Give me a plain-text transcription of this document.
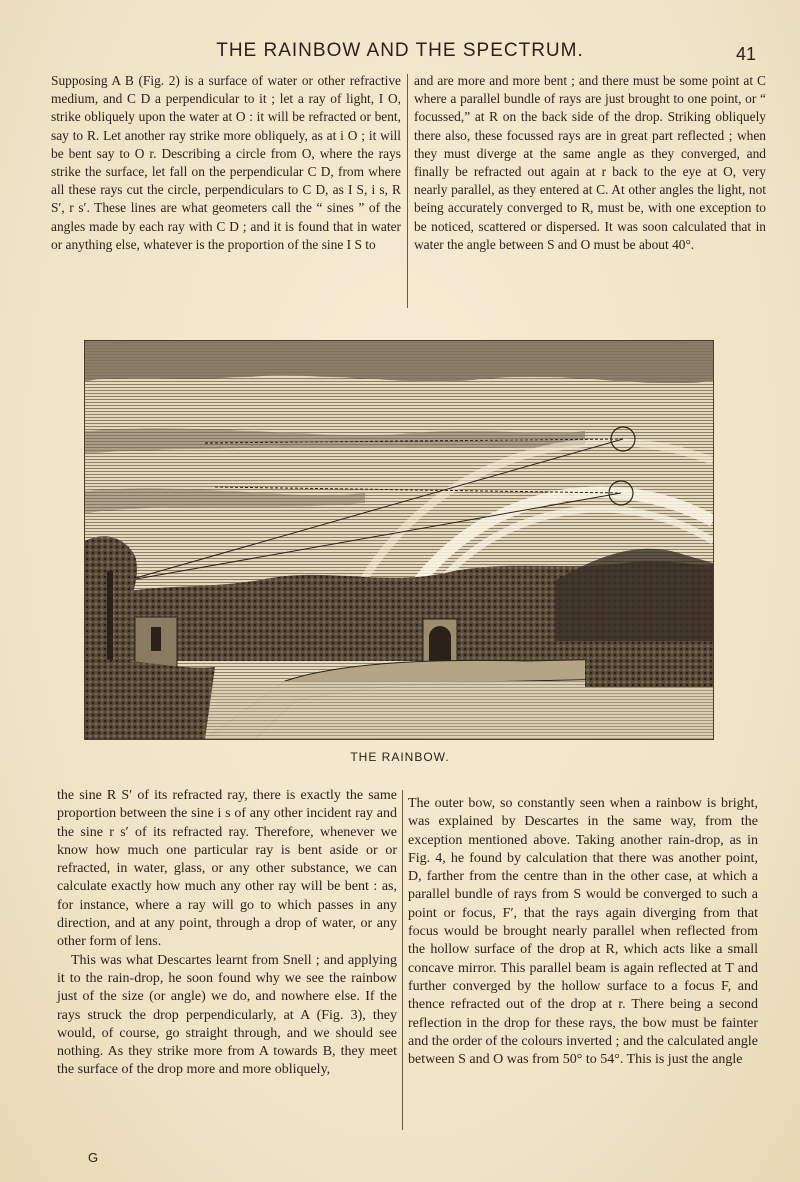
THE RAINBOW AND THE SPECTRUM.	41

Supposing A B (Fig. 2) is a surface of water or other refractive medium, and C D a perpendicular to it ; let a ray of light, I O, strike obliquely upon the water at O : it will be refracted or bent, say to R. Let another ray strike more obliquely, as at i O ; it will be bent say to O r. Describing a circle from O, where the rays strike the surface, let fall on the perpendicular C D, from where all these rays cut the circle, perpendiculars to C D, as I S, i s, R S′, r s′. These lines are what geometers call the “ sines ” of the angles made by each ray with C D ; and it is found that in water or anything else, whatever is the proportion of the sine I S to

and are more and more bent ; and there must be some point at C where a parallel bundle of rays are just brought to one point, or “ focussed,” at R on the back side of the drop. Striking obliquely there also, these focussed rays are in great part reflected ; when they must diverge at the same angle as they converged, and finally be refracted out again at r back to the eye at O, very nearly parallel, as they entered at C. At other angles the light, not being accurately converged to R, must be, with one exception to be noticed, scattered or dispersed. It was soon calculated that in water the angle between S and O must be about 40°.

THE RAINBOW.

the sine R S′ of its refracted ray, there is exactly the same proportion between the sine i s of any other incident ray and the sine r s′ of its refracted ray. Therefore, whenever we know how much one particular ray is bent aside or or refracted, in water, glass, or any other substance, we can calculate exactly how much any other ray will be bent : as, for instance, where a ray will go to which passes in any direction, and at any point, through a drop of water, or any other form of lens.

This was what Descartes learnt from Snell ; and applying it to the rain-drop, he soon found why we see the rainbow just of the size (or angle) we do, and nowhere else. If the rays struck the drop perpendicularly, at A (Fig. 3), they would, of course, go straight through, and we should see nothing. As they strike more from A towards B, they meet the surface of the drop more and more obliquely,

The outer bow, so constantly seen when a rainbow is bright, was explained by Descartes in the same way, from the exception mentioned above. Taking another rain-drop, as in Fig. 4, he found by calculation that there was another point, D, farther from the centre than in the other case, at which a parallel bundle of rays from S would be converged to such a point or focus, F′, that the rays again diverging from that focus would be brought nearly parallel when reflected from the hollow surface of the drop at R, which acts like a small concave mirror. This parallel beam is again reflected at T and further converged by the hollow surface to a focus F, and thence refracted out of the drop at r. There being a second reflection in the drop for these rays, the bow must be fainter and the order of the colours inverted ; and the calculated angle between S and O was from 50° to 54°. This is just the angle

G
